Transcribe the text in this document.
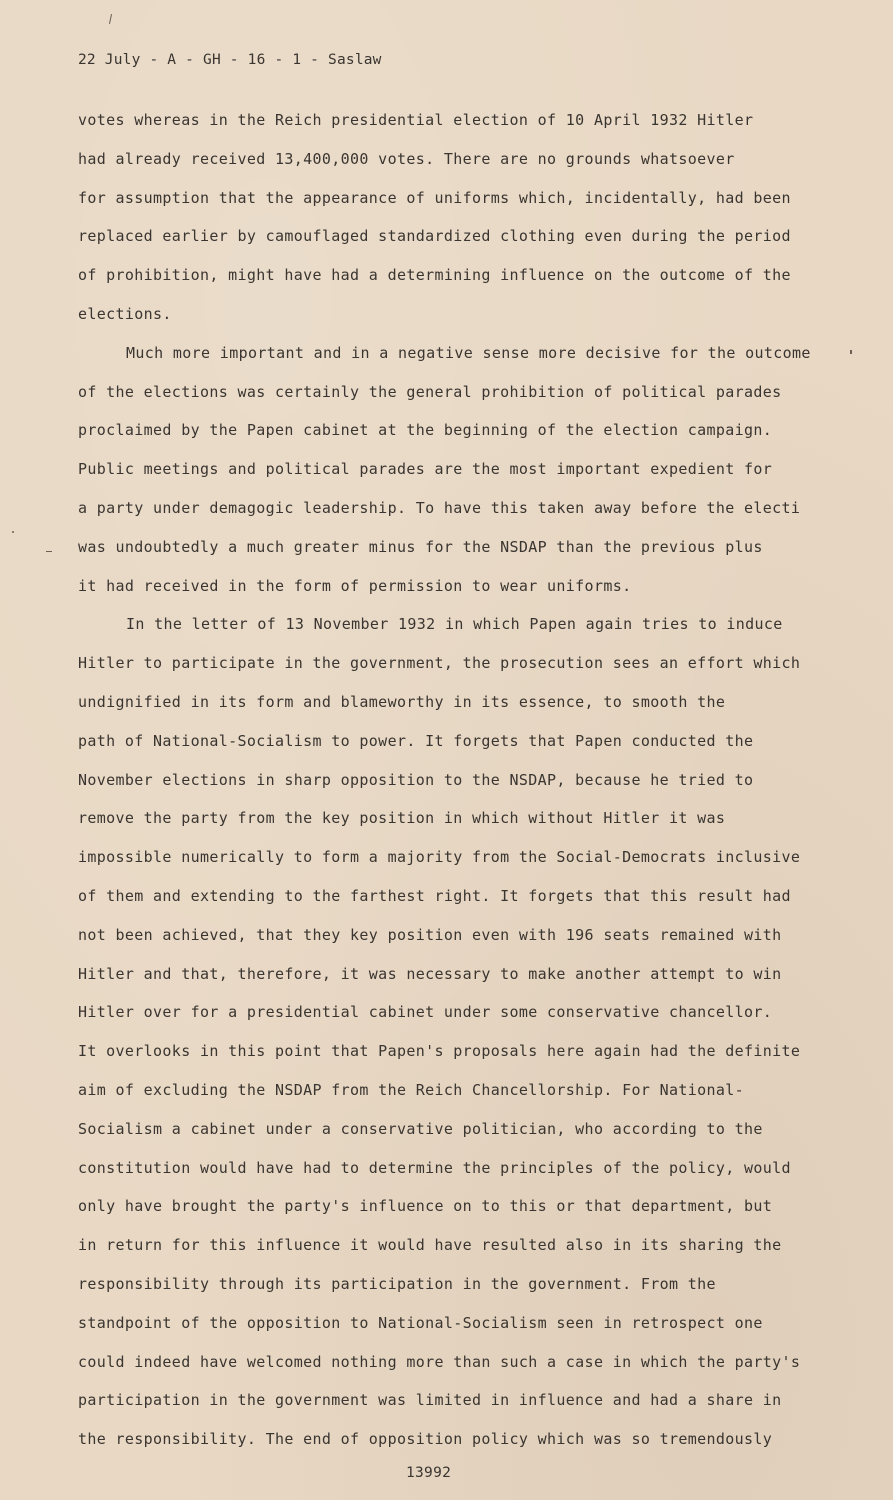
22 July - A - GH - 16 - 1 - Saslaw
votes whereas in the Reich presidential election of 10 April 1932 Hitler
had already received 13,400,000 votes. There are no grounds whatsoever
for assumption that the appearance of uniforms which, incidentally, had been
replaced earlier by camouflaged standardized clothing even during the period
of prohibition, might have had a determining influence on the outcome of the
elections.
Much more important and in a negative sense more decisive for the outcome
of the elections was certainly the general prohibition of political parades
proclaimed by the Papen cabinet at the beginning of the election campaign.
Public meetings and political parades are the most important expedient for
a party under demagogic leadership. To have this taken away before the electi
was undoubtedly a much greater minus for the NSDAP than the previous plus
it had received in the form of permission to wear uniforms.
In the letter of 13 November 1932 in which Papen again tries to induce
Hitler to participate in the government, the prosecution sees an effort which
undignified in its form and blameworthy in its essence, to smooth the
path of National-Socialism to power. It forgets that Papen conducted the
November elections in sharp opposition to the NSDAP, because he tried to
remove the party from the key position in which without Hitler it was
impossible numerically to form a majority from the Social-Democrats inclusive
of them and extending to the farthest right. It forgets that this result had
not been achieved, that they key position even with 196 seats remained with
Hitler and that, therefore, it was necessary to make another attempt to win
Hitler over for a presidential cabinet under some conservative chancellor.
It overlooks in this point that Papen's proposals here again had the definite
aim of excluding the NSDAP from the Reich Chancellorship. For National-
Socialism a cabinet under a conservative politician, who according to the
constitution would have had to determine the principles of the policy, would
only have brought the party's influence on to this or that department, but
in return for this influence it would have resulted also in its sharing the
responsibility through its participation in the government. From the
standpoint of the opposition to National-Socialism seen in retrospect one
could indeed have welcomed nothing more than such a case in which the party's
participation in the government was limited in influence and had a share in
the responsibility. The end of opposition policy which was so tremendously
13992
